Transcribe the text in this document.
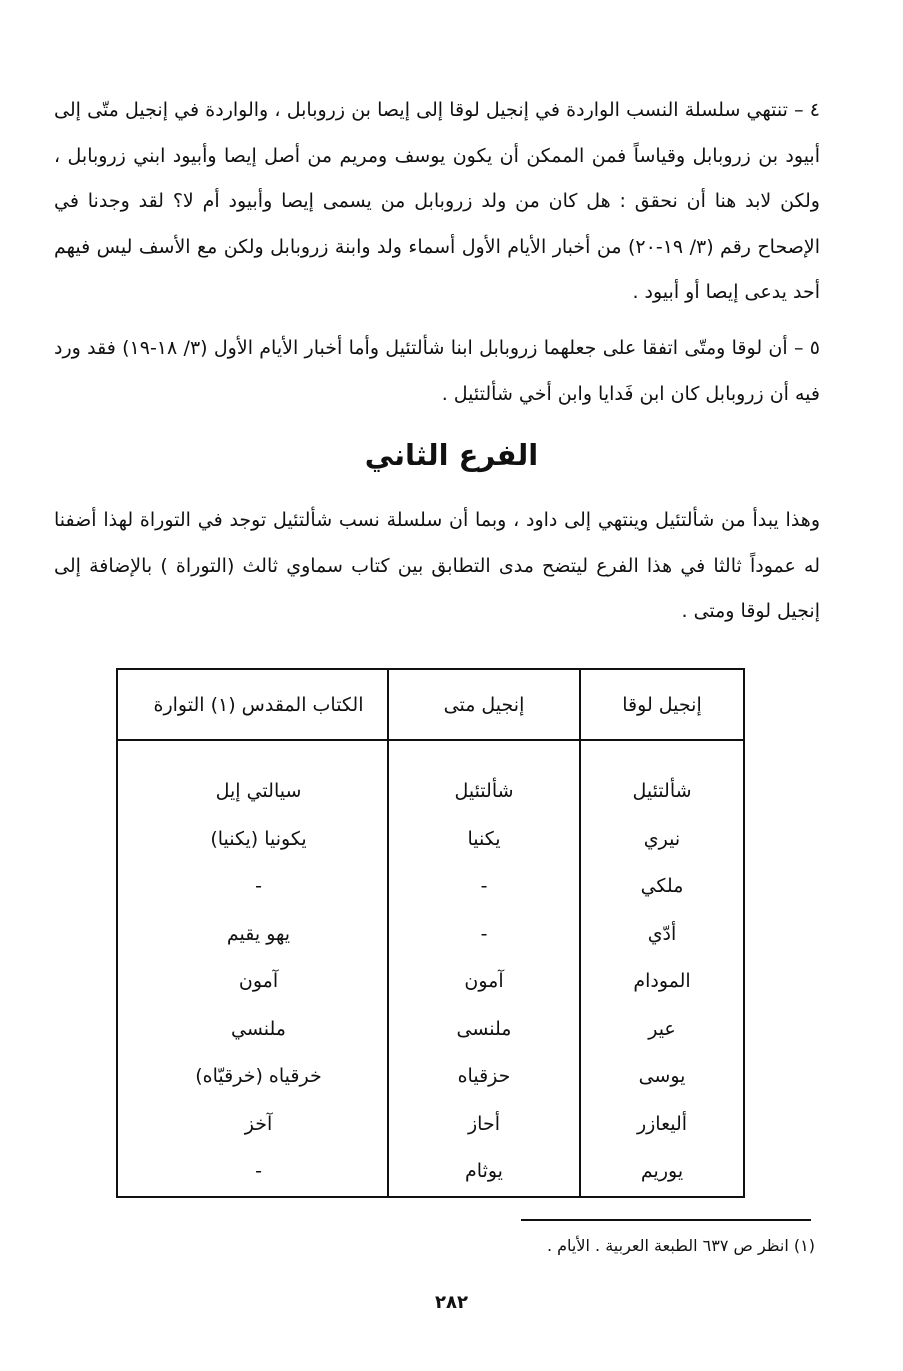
٤ – تنتهي سلسلة النسب الواردة في إنجيل لوقا إلى إيصا بن زروبابل ، والواردة في إنجيل متّى إلى أبيود بن زروبابل وقياساً فمن الممكن أن يكون يوسف ومريم من أصل إيصا وأبيود ابني زروبابل ، ولكن لابد هنا أن نحقق : هل كان من ولد زروبابل من يسمى إيصا وأبيود أم لا؟ لقد وجدنا في الإصحاح رقم (٣/ ١٩-٢٠) من أخبار الأيام الأول أسماء ولد وابنة زروبابل ولكن مع الأسف ليس فيهم أحد يدعى إيصا أو أبيود .

٥ – أن لوقا ومتّى اتفقا على جعلهما زروبابل ابنا شألتئيل وأما أخبار الأيام الأول (٣/ ١٨-١٩) فقد ورد فيه أن زروبابل كان ابن فَدايا وابن أخي شألتئيل .

الفرع الثاني

وهذا يبدأ من شألتئيل وينتهي إلى داود ، وبما أن سلسلة نسب شألتئيل توجد في التوراة لهذا أضفنا له عموداً ثالثا في هذا الفرع ليتضح مدى التطابق بين كتاب سماوي ثالث (التوراة ) بالإضافة إلى إنجيل لوقا ومتى .

إنجيل لوقا
شألتئيل
نيري
ملكي
أدّي
المودام
عير
يوسى
أليعازر
يوريم
إنجيل متى
شألتئيل
يكنيا
-
-
آمون
ملنسى
حزقياه
أحاز
يوثام
الكتاب المقدس (١) التوارة
سيالتي إيل
يكونيا (يكنيا)
-
يهو يقيم
آمون
ملنسي
خرقياه (خرقيّاه)
آخز
-
(١) انظر ص ٦٣٧ الطبعة العربية . الأيام .
٢٨٢
